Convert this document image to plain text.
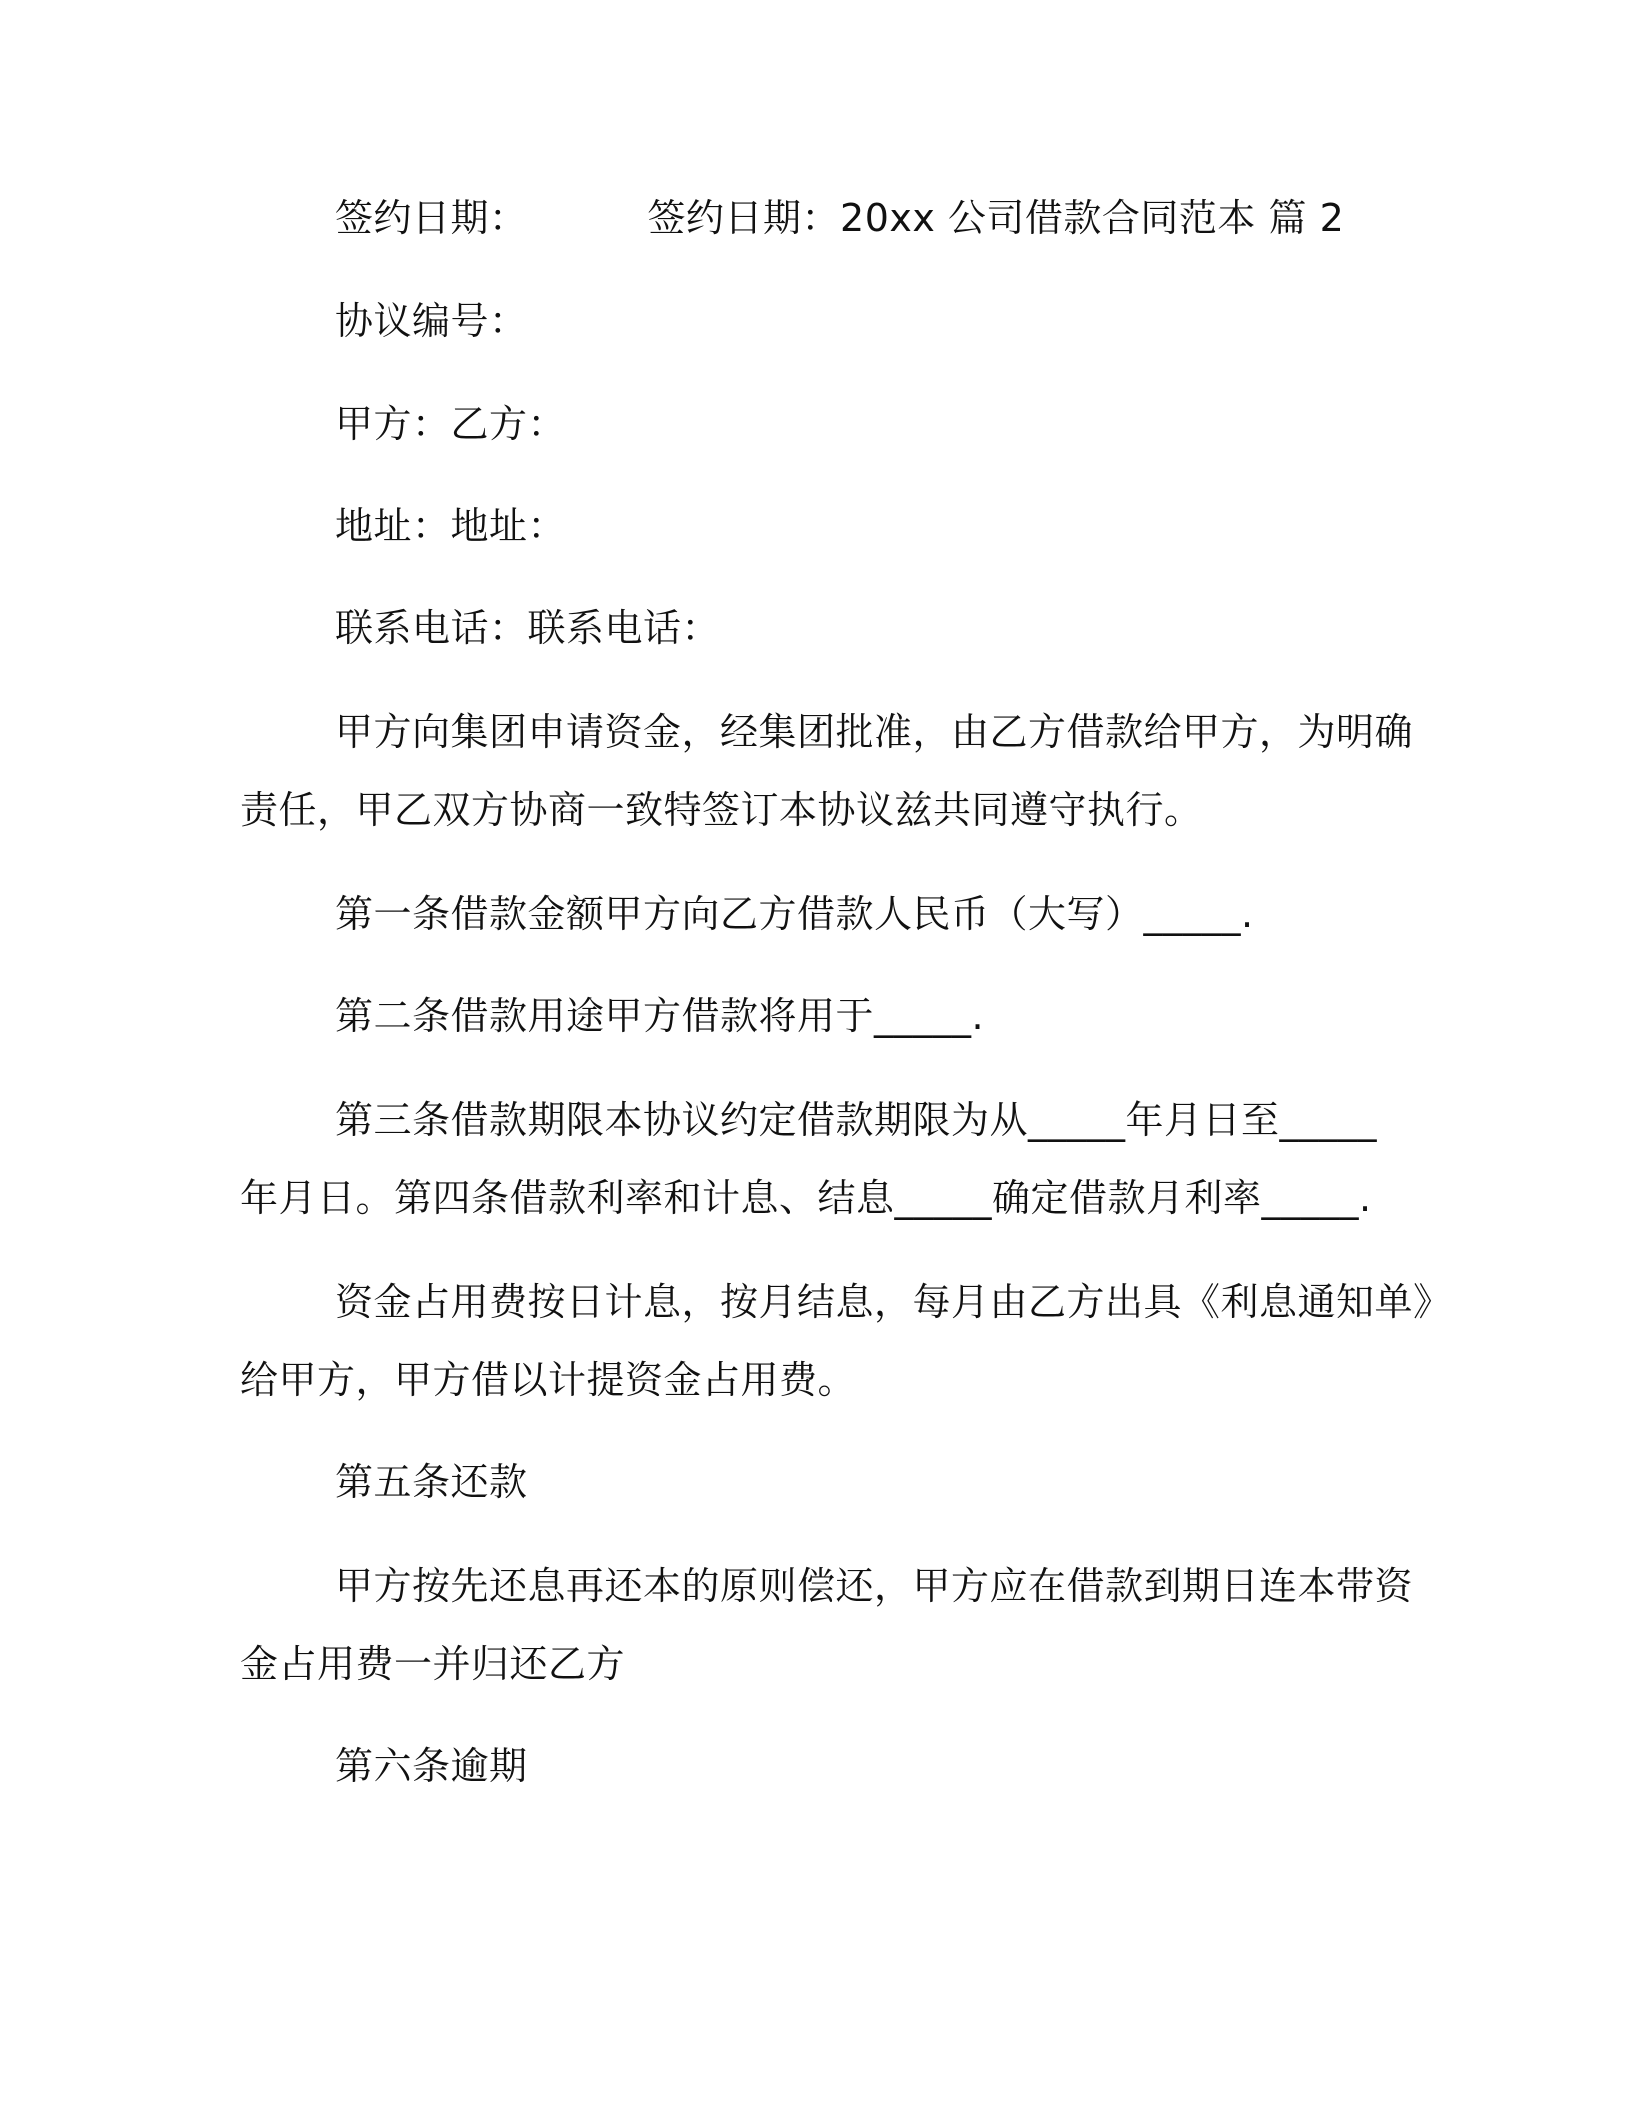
签约日期：	签约日期：20xx 公司借款合同范本 篇 2
协议编号：
甲方：乙方：
地址：地址：
联系电话：联系电话：
甲方向集团申请资金，经集团批准，由乙方借款给甲方，为明确
责任，甲乙双方协商一致特签订本协议兹共同遵守执行。
第一条借款金额甲方向乙方借款人民币（大写）_____.
第二条借款用途甲方借款将用于_____.
第三条借款期限本协议约定借款期限为从_____年月日至_____
年月日。第四条借款利率和计息、结息_____确定借款月利率_____.
资金占用费按日计息，按月结息，每月由乙方出具《利息通知单》
给甲方，甲方借以计提资金占用费。
第五条还款
甲方按先还息再还本的原则偿还，甲方应在借款到期日连本带资
金占用费一并归还乙方
第六条逾期
